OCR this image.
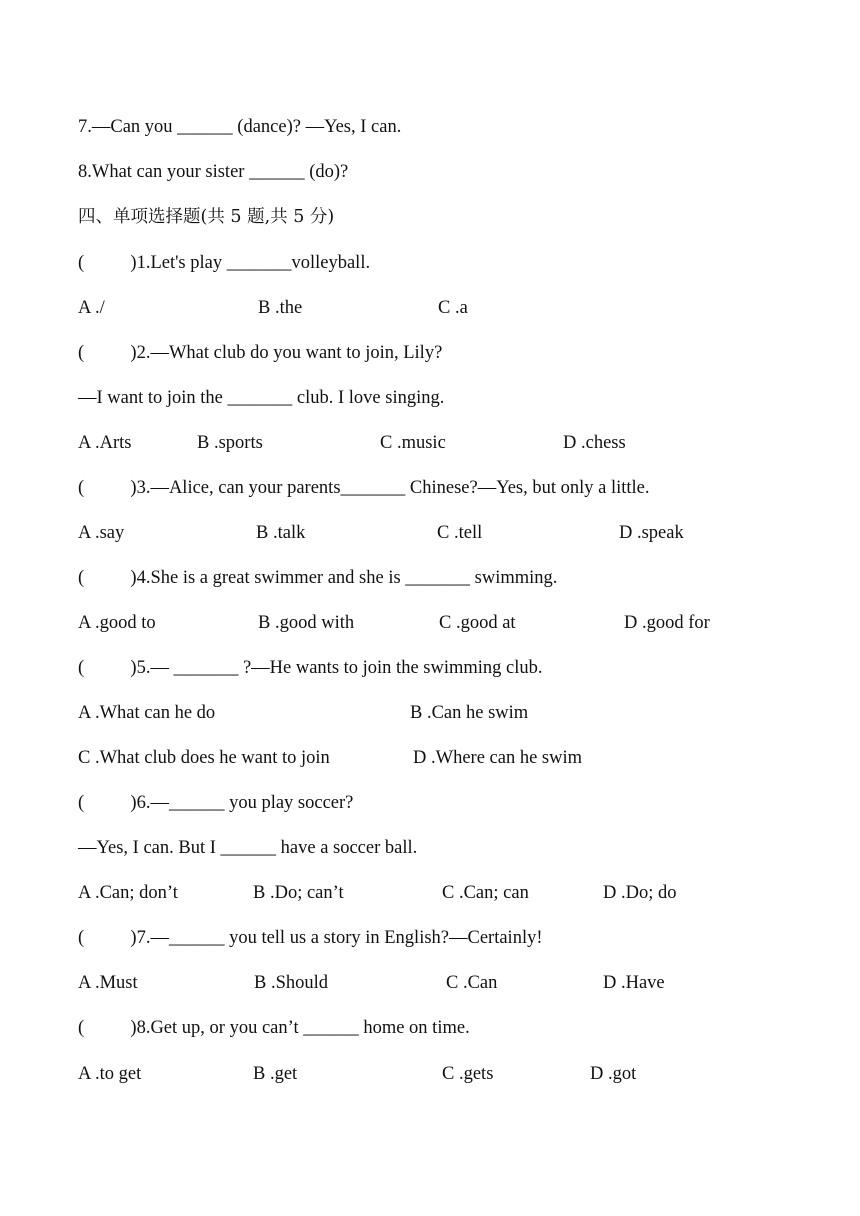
7.—Can you ______ (dance)? —Yes, I can.
8.What can your sister ______ (do)?
四、单项选择题(共 5 题,共 5 分)
(          )1.Let's play _______volleyball.
A ./	B .the	C .a
(          )2.—What club do you want to join, Lily?
—I want to join the _______ club. I love singing.
A .Arts	B .sports	C .music	D .chess
(          )3.—Alice, can your parents_______ Chinese?—Yes, but only a little.
A .say	B .talk	C .tell	D .speak
(          )4.She is a great swimmer and she is _______ swimming.
A .good to	B .good with	C .good at	D .good for
(          )5.— _______ ?—He wants to join the swimming club.
A .What can he do	B .Can he swim
C .What club does he want to join	D .Where can he swim
(          )6.—______ you play soccer?
—Yes, I can. But I ______ have a soccer ball.
A .Can; don’t	B .Do; can’t	C .Can; can	D .Do; do
(          )7.—______ you tell us a story in English?—Certainly!
A .Must	B .Should	C .Can	D .Have
(          )8.Get up, or you can’t ______ home on time.
A .to get	B .get	C .gets	D .got
